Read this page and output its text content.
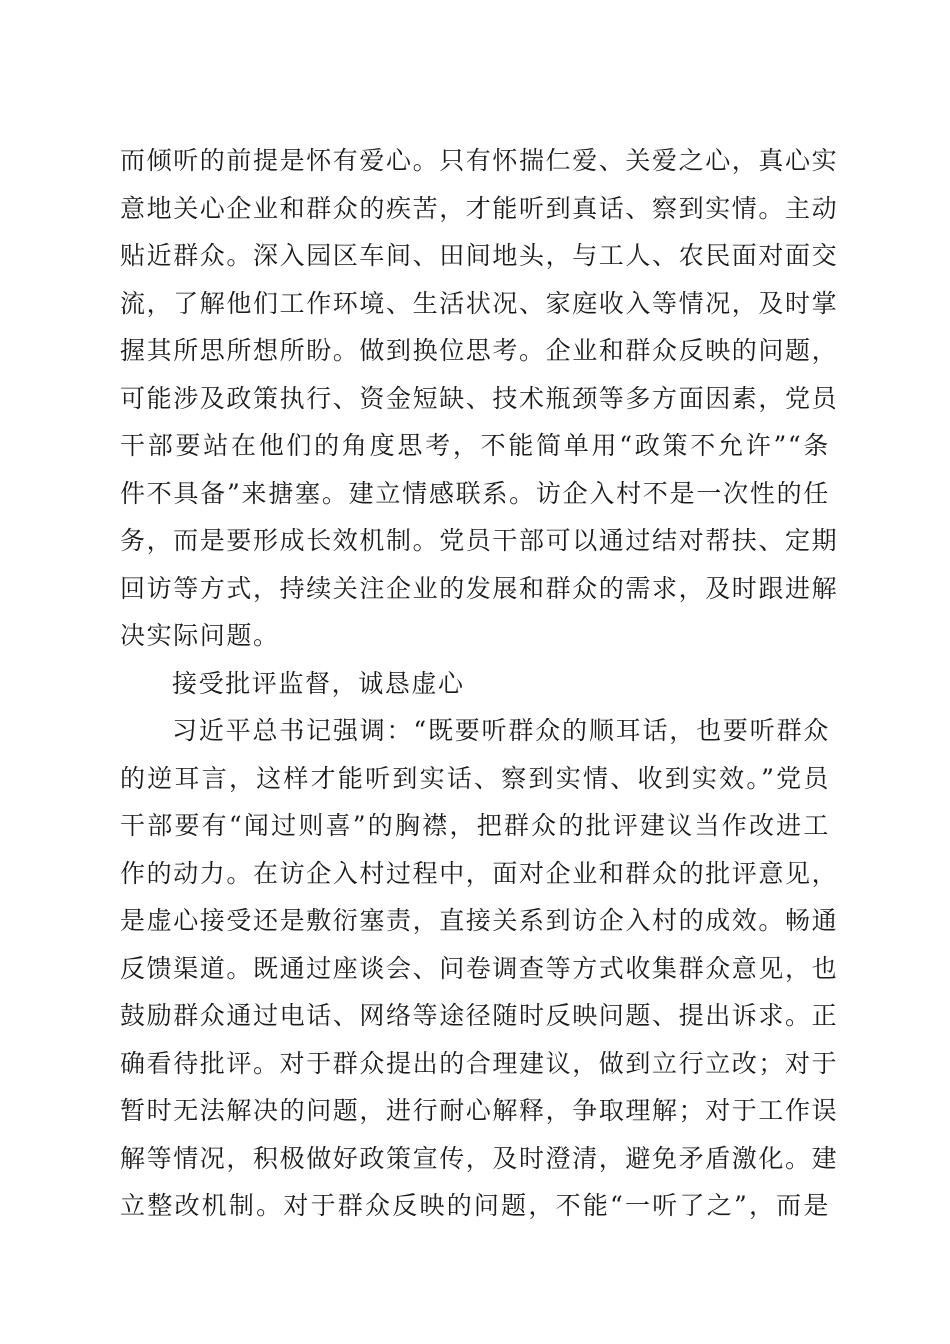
而倾听的前提是怀有爱心。只有怀揣仁爱、关爱之心，真心实
意地关心企业和群众的疾苦，才能听到真话、察到实情。主动
贴近群众。深入园区车间、田间地头，与工人、农民面对面交
流，了解他们工作环境、生活状况、家庭收入等情况，及时掌
握其所思所想所盼。做到换位思考。企业和群众反映的问题，
可能涉及政策执行、资金短缺、技术瓶颈等多方面因素，党员
干部要站在他们的角度思考，不能简单用“政策不允许”“条
件不具备”来搪塞。建立情感联系。访企入村不是一次性的任
务，而是要形成长效机制。党员干部可以通过结对帮扶、定期
回访等方式，持续关注企业的发展和群众的需求，及时跟进解
决实际问题。
接受批评监督，诚恳虚心
习近平总书记强调：“既要听群众的顺耳话，也要听群众
的逆耳言，这样才能听到实话、察到实情、收到实效。”党员
干部要有“闻过则喜”的胸襟，把群众的批评建议当作改进工
作的动力。在访企入村过程中，面对企业和群众的批评意见，
是虚心接受还是敷衍塞责，直接关系到访企入村的成效。畅通
反馈渠道。既通过座谈会、问卷调查等方式收集群众意见，也
鼓励群众通过电话、网络等途径随时反映问题、提出诉求。正
确看待批评。对于群众提出的合理建议，做到立行立改；对于
暂时无法解决的问题，进行耐心解释，争取理解；对于工作误
解等情况，积极做好政策宣传，及时澄清，避免矛盾激化。建
立整改机制。对于群众反映的问题，不能“一听了之”，而是
